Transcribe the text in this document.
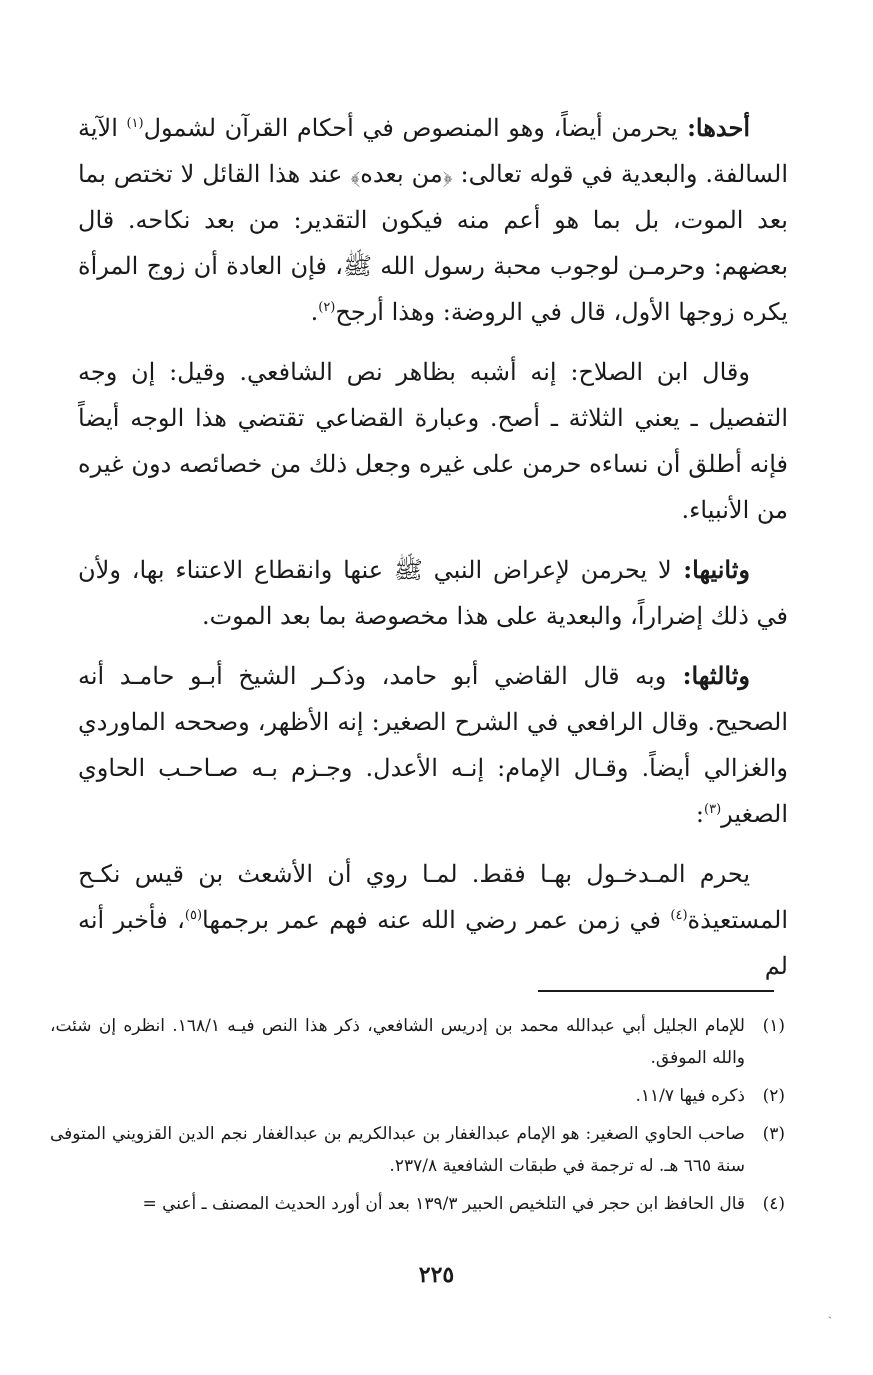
أحدها: يحرمن أيضاً، وهو المنصوص في أحكام القرآن لشمول$^{(١)}$ الآية السالفة. والبعدية في قوله تعالى: ﴿من بعده﴾ عند هذا القائل لا تختص بما بعد الموت، بل بما هو أعم منه فيكون التقدير: من بعد نكاحه. قال بعضهم: وحرمـن لوجوب محبة رسول الله ﷺ، فإن العادة أن زوج المرأة يكره زوجها الأول، قال في الروضة: وهذا أرجح$^{(٢)}$.

وقال ابن الصلاح: إنه أشبه بظاهر نص الشافعي. وقيل: إن وجه التفصيل ـ يعني الثلاثة ـ أصح. وعبارة القضاعي تقتضي هذا الوجه أيضاً فإنه أطلق أن نساءه حرمن على غيره وجعل ذلك من خصائصه دون غيره من الأنبياء.

وثانيها: لا يحرمن لإعراض النبي ﷺ عنها وانقطاع الاعتناء بها، ولأن في ذلك إضراراً، والبعدية على هذا مخصوصة بما بعد الموت.

وثالثها: وبه قال القاضي أبو حامد، وذكـر الشيخ أبـو حامـد أنه الصحيح. وقال الرافعي في الشرح الصغير: إنه الأظهر، وصححه الماوردي والغزالي أيضاً. وقـال الإمام: إنـه الأعدل. وجـزم بـه صـاحـب الحاوي الصغير$^{(٣)}$:

يحرم المـدخـول بهـا فقط. لمـا روي أن الأشعث بن قيس نكـح المستعيذة$^{(٤)}$ في زمن عمر رضي الله عنه فهم عمر برجمها$^{(٥)}$، فأخبر أنه لم

(١)
للإمام الجليل أبي عبدالله محمد بن إدريس الشافعي، ذكر هذا النص فيـه ١٦٨/١. انظره إن شئت، والله الموفق.
(٢)
ذكره فيها ١١/٧.
(٣)
صاحب الحاوي الصغير: هو الإمام عبدالغفار بن عبدالكريم بن عبدالغفار نجم الدين القزويني المتوفى سنة ٦٦٥ هـ. له ترجمة في طبقات الشافعية ٢٣٧/٨.
(٤)
قال الحافظ ابن حجر في التلخيص الحبير ١٣٩/٣ بعد أن أورد الحديث المصنف ـ أعني =
٢٢٥
ˎ
